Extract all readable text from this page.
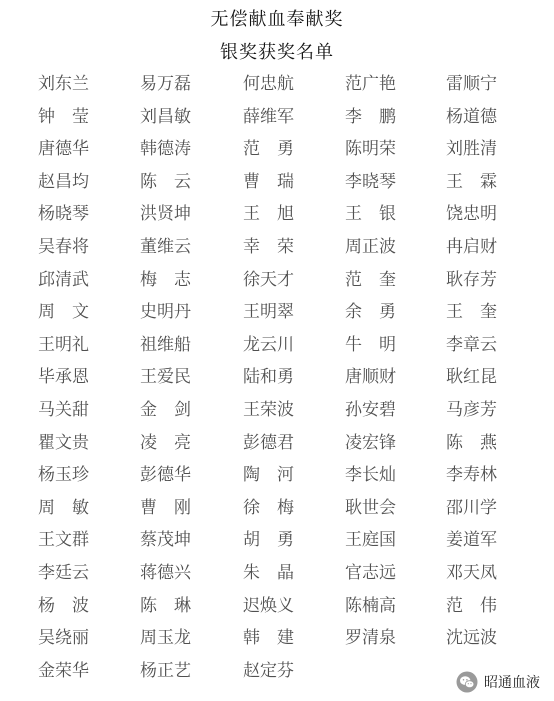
无偿献血奉献奖
银奖获奖名单
刘东兰	易万磊	何忠航	范广艳	雷顺宁
钟　莹	刘昌敏	薛维军	李　鹏	杨道德
唐德华	韩德涛	范　勇	陈明荣	刘胜清
赵昌均	陈　云	曹　瑞	李晓琴	王　霖
杨晓琴	洪贤坤	王　旭	王　银	饶忠明
吴春将	董维云	幸　荣	周正波	冉启财
邱清武	梅　志	徐天才	范　奎	耿存芳
周　文	史明丹	王明翠	余　勇	王　奎
王明礼	祖维船	龙云川	牛　明	李章云
毕承恩	王爱民	陆和勇	唐顺财	耿红昆
马关甜	金　剑	王荣波	孙安碧	马彦芳
瞿文贵	凌　亮	彭德君	凌宏锋	陈　燕
杨玉珍	彭德华	陶　河	李长灿	李寿林
周　敏	曹　刚	徐　梅	耿世会	邵川学
王文群	蔡茂坤	胡　勇	王庭国	姜道军
李廷云	蒋德兴	朱　晶	官志远	邓天凤
杨　波	陈　琳	迟焕义	陈楠高	范　伟
吴绕丽	周玉龙	韩　建	罗清泉	沈远波
金荣华	杨正艺	赵定芬
昭通血液
